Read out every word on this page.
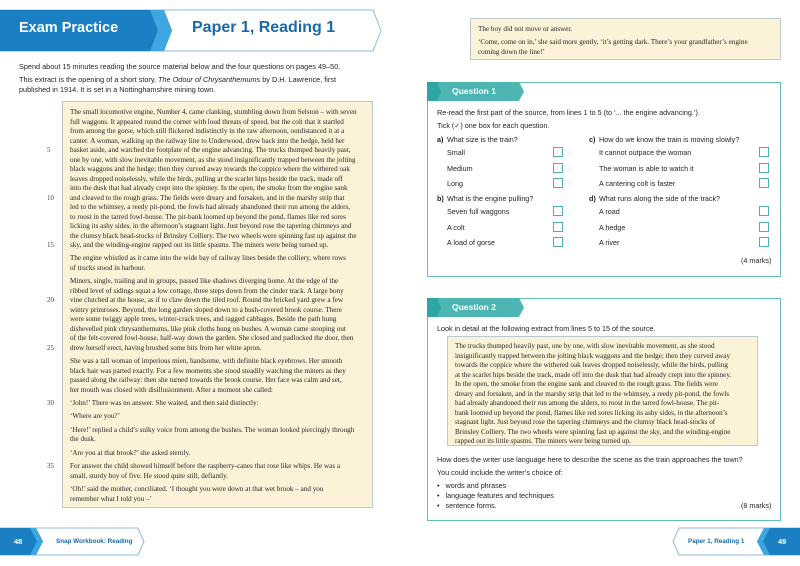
Exam Practice	Paper 1, Reading 1
Spend about 15 minutes reading the source material below and the four questions on pages 49–50.
This extract is the opening of a short story, The Odour of Chrysanthemums by D.H. Lawrence, first
published in 1914. It is set in a Nottinghamshire mining town.
The small locomotive engine, Number 4, came clanking, stumbling down from Selston – with seven
full waggons. It appeared round the corner with loud threats of speed, but the colt that it startled
from among the gorse, which still flickered indistinctly in the raw afternoon, outdistanced it at a
canter. A woman, walking up the railway line to Underwood, drew back into the hedge, held her
basket aside, and watched the footplate of the engine advancing. The trucks thumped heavily past,
5
one by one, with slow inevitable movement, as she stood insignificantly trapped between the jolting
black waggons and the hedge; then they curved away towards the coppice where the withered oak
leaves dropped noiselessly, while the birds, pulling at the scarlet hips beside the track, made off
into the dusk that had already crept into the spinney. In the open, the smoke from the engine sank
and cleaved to the rough grass. The fields were dreary and forsaken, and in the marshy strip that
10
led to the whimsey, a reedy pit-pond, the fowls had already abandoned their run among the alders,
to roost in the tarred fowl-house. The pit-bank loomed up beyond the pond, flames like red sores
licking its ashy sides, in the afternoon’s stagnant light. Just beyond rose the tapering chimneys and
the clumsy black head-stocks of Brinsley Colliery. The two wheels were spinning fast up against the
sky, and the winding-engine rapped out its little spasms. The miners were being turned up.
15
The engine whistled as it came into the wide bay of railway lines beside the colliery, where rows
of trucks stood in harbour.
Miners, single, trailing and in groups, passed like shadows diverging home. At the edge of the
ribbed level of sidings squat a low cottage, three steps down from the cinder track. A large bony
vine clutched at the house, as if to claw down the tiled roof. Round the bricked yard grew a few
20
wintry primroses. Beyond, the long garden sloped down to a bush-covered brook course. There
were some twiggy apple trees, winter-crack trees, and ragged cabbages. Beside the path hung
dishevelled pink chrysanthemums, like pink cloths hung on bushes. A woman came stooping out
of the felt-covered fowl-house, half-way down the garden. She closed and padlocked the door, then
drew herself erect, having brushed some bits from her white apron.
25
She was a tall woman of imperious mien, handsome, with definite black eyebrows. Her smooth
black hair was parted exactly. For a few moments she stood steadily watching the miners as they
passed along the railway: then she turned towards the brook course. Her face was calm and set,
her mouth was closed with disillusionment. After a moment she called:
‘John!’ There was no answer. She waited, and then said distinctly:
30
‘Where are you?’
‘Here!’ replied a child’s sulky voice from among the bushes. The woman looked piercingly through
the dusk.
‘Are you at that brook?’ she asked sternly.
For answer the child showed himself before the raspberry-canes that rose like whips. He was a
35
small, sturdy boy of five. He stood quite still, defiantly.
‘Oh!’ said the mother, conciliated. ‘I thought you were down at that wet brook – and you
remember what I told you –’
48	Snap Workbook: Reading
The boy did not move or answer.
‘Come, come on in,’ she said more gently, ‘it’s getting dark. There’s your grandfather’s engine
coming down the line!’
Question 1
Re-read the first part of the source, from lines 1 to 5 (to ‘... the engine advancing.’).
Tick (✓) one box for each question.
a) What size is the train?
Small
Medium
Long
b) What is the engine pulling?
Seven full waggons
A colt
A load of gorse
c) How do we know the train is moving slowly?
It cannot outpace the woman
The woman is able to watch it
A cantering colt is faster
d) What runs along the side of the track?
A road
A hedge
A river
(4 marks)
Question 2
Look in detail at the following extract from lines 5 to 15 of the source.
The trucks thumped heavily past, one by one, with slow inevitable movement, as she stood
insignificantly trapped between the jolting black waggons and the hedge; then they curved away
towards the coppice where the withered oak leaves dropped noiselessly, while the birds, pulling
at the scarlet hips beside the track, made off into the dusk that had already crept into the spinney.
In the open, the smoke from the engine sank and cleaved to the rough grass. The fields were
dreary and forsaken, and in the marshy strip that led to the whimsey, a reedy pit-pond, the fowls
had already abandoned their run among the alders, to roost in the tarred fowl-house. The pit-
bank loomed up beyond the pond, flames like red sores licking its ashy sides, in the afternoon’s
stagnant light. Just beyond rose the tapering chimneys and the clumsy black head-stocks of
Brinsley Colliery. The two wheels were spinning fast up against the sky, and the winding-engine
rapped out its little spasms. The miners were being turned up.
How does the writer use language here to describe the scene as the train approaches the town?
You could include the writer’s choice of:
• words and phrases
• language features and techniques
• sentence forms.	(8 marks)
Paper 1, Reading 1	49
